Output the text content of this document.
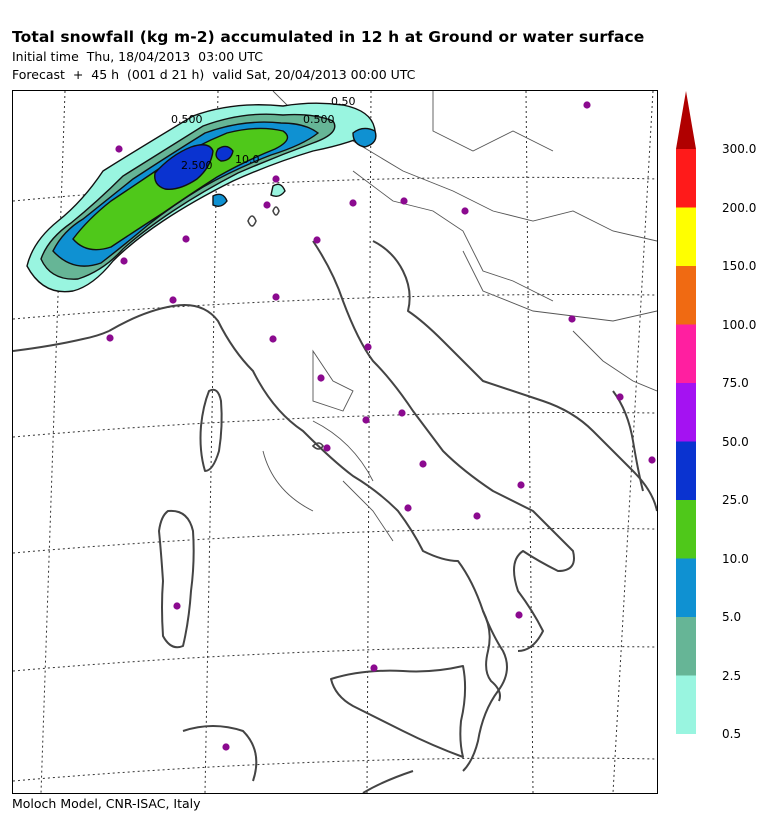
Total snowfall (kg m-2) accumulated in 12 h at Ground or water surface
Initial time  Thu, 18/04/2013  03:00 UTC
Forecast  +  45 h  (001 d 21 h)  valid Sat, 20/04/2013 00:00 UTC
0.500
0.50
0.500
2.500 10.0
0.5
2.5
5.0
10.0
25.0
50.0
75.0
100.0
150.0
200.0
300.0
Moloch Model, CNR-ISAC, Italy
